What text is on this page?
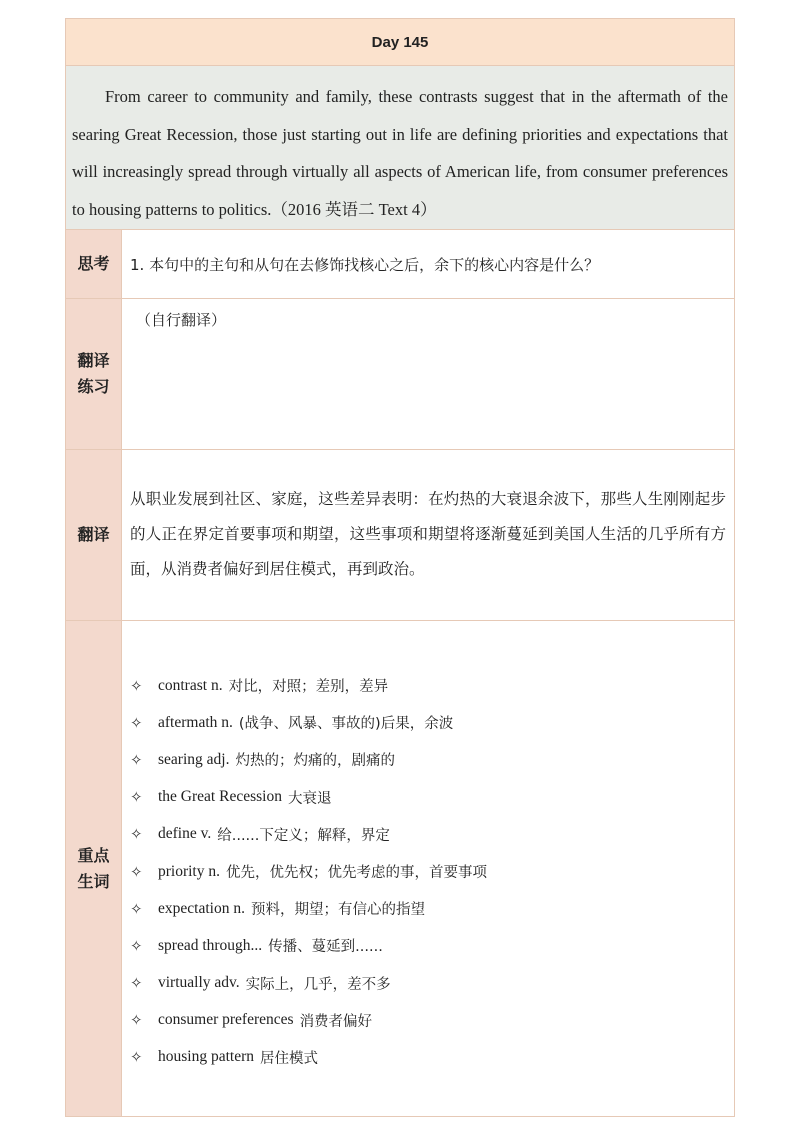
Day 145

From career to community and family, these contrasts suggest that in the aftermath of the searing Great Recession, those just starting out in life are defining priorities and expectations that will increasingly spread through virtually all aspects of American life, from consumer preferences to housing patterns to politics.（2016 英语二 Text 4）

思考	1. 本句中的主句和从句在去修饰找核心之后，余下的核心内容是什么？
翻译练习
（自行翻译）
翻译
从职业发展到社区、家庭，这些差异表明：在灼热的大衰退余波下，那些人生刚刚起步的人正在界定首要事项和期望，这些事项和期望将逐渐蔓延到美国人生活的几乎所有方面，从消费者偏好到居住模式，再到政治。
重点生词
✧ contrast n. 对比，对照；差别，差异
✧ aftermath n. (战争、风暴、事故的)后果，余波
✧ searing adj. 灼热的；灼痛的，剧痛的
✧ the Great Recession 大衰退
✧ define v. 给......下定义；解释，界定
✧ priority n. 优先，优先权；优先考虑的事，首要事项
✧ expectation n. 预料，期望；有信心的指望
✧ spread through... 传播、蔓延到......
✧ virtually adv. 实际上，几乎，差不多
✧ consumer preferences 消费者偏好
✧ housing pattern 居住模式
